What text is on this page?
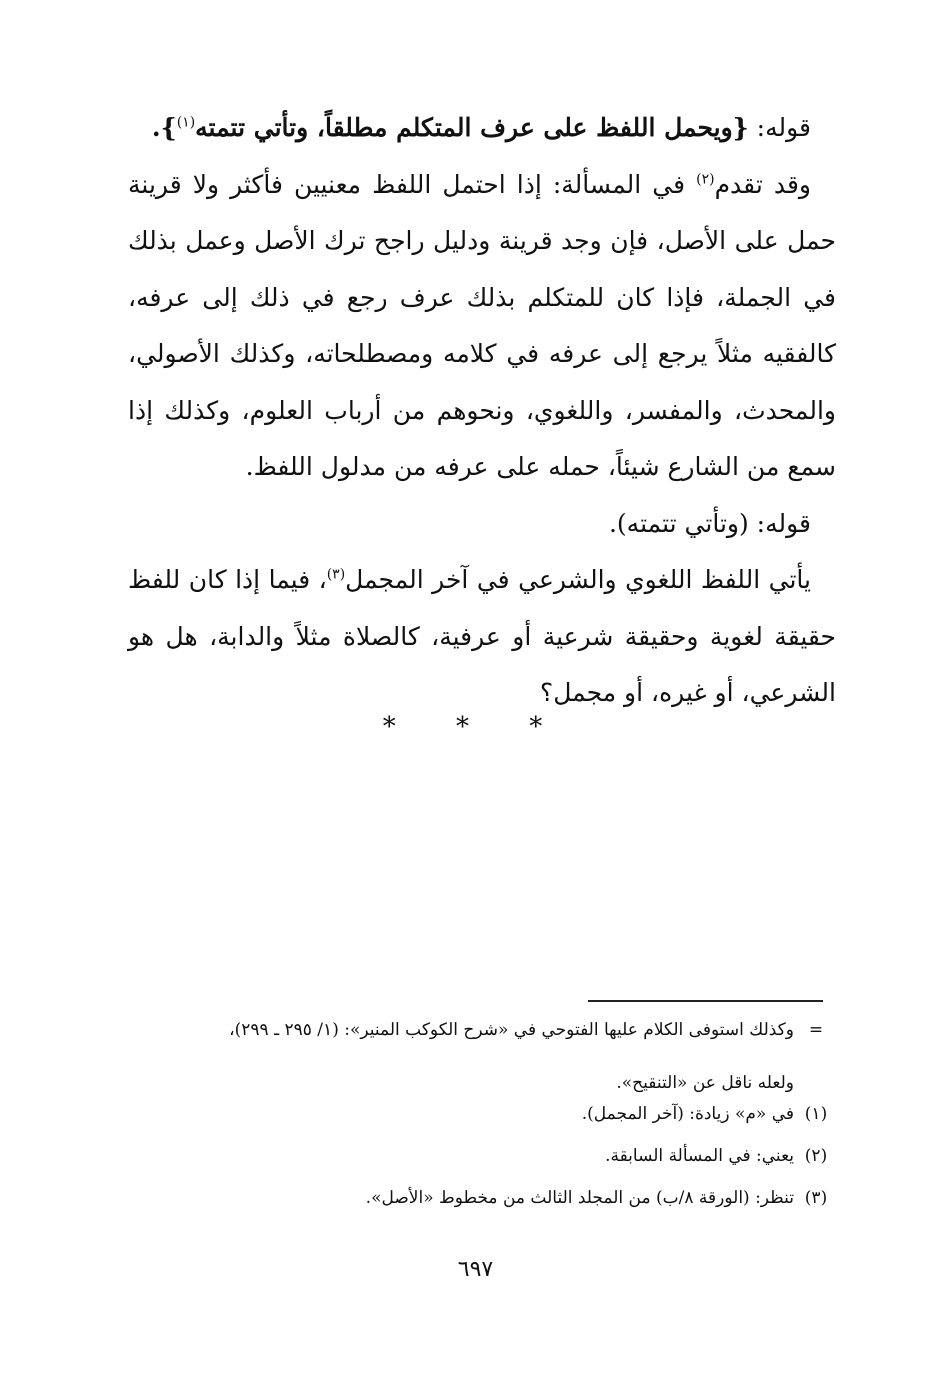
قوله: {ويحمل اللفظ على عرف المتكلم مطلقاً، وتأتي تتمته$^{(١)}$}.

وقد تقدم$^{(٢)}$ في المسألة: إذا احتمل اللفظ معنيين فأكثر ولا قرينة حمل على الأصل، فإن وجد قرينة ودليل راجح ترك الأصل وعمل بذلك في الجملة، فإذا كان للمتكلم بذلك عرف رجع في ذلك إلى عرفه، كالفقيه مثلاً يرجع إلى عرفه في كلامه ومصطلحاته، وكذلك الأصولي، والمحدث، والمفسر، واللغوي، ونحوهم من أرباب العلوم، وكذلك إذا سمع من الشارع شيئاً، حمله على عرفه من مدلول اللفظ.

قوله: (وتأتي تتمته).

يأتي اللفظ اللغوي والشرعي في آخر المجمل$^{(٣)}$، فيما إذا كان للفظ حقيقة لغوية وحقيقة شرعية أو عرفية، كالصلاة مثلاً والدابة، هل هو الشرعي، أو غيره، أو مجمل؟

* * *
=
وكذلك استوفى الكلام عليها الفتوحي في «شرح الكوكب المنير»: (١/ ٢٩٥ ـ ٢٩٩)،
ولعله ناقل عن «التنقيح».
(١)
في «م» زيادة: (آخر المجمل).
(٢)
يعني: في المسألة السابقة.
(٣)
تنظر: (الورقة ٨/ب) من المجلد الثالث من مخطوط «الأصل».
٦٩٧
